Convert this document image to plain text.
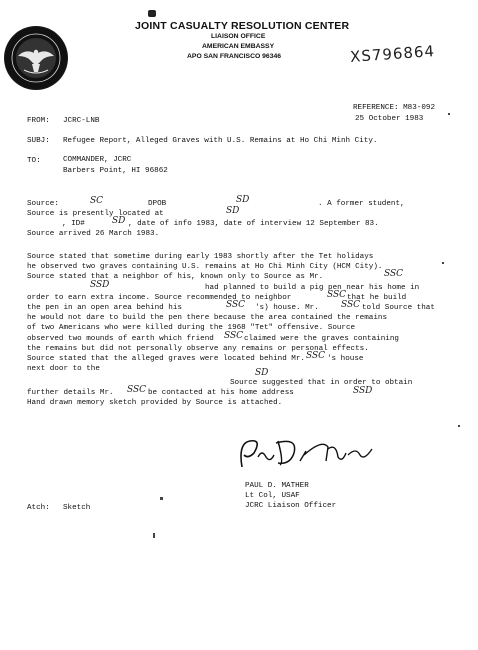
JOINT CASUALTY RESOLUTION CENTER
LIAISON OFFICE
AMERICAN EMBASSY
APO SAN FRANCISCO 96346	XS796864
REFERENCE: M83-092
25 October 1983
FROM: JCRC-LNB
SUBJ: Refugee Report, Alleged Graves with U.S. Remains at Ho Chi Minh City.
TO:	COMMANDER, JCRC
Barbers Point, HI 96862
Source:	SC	DPOB	SD	. A former student,
Source is presently located at	SD
, ID#	SD , date of info 1983, date of interview 12 September 83.
Source arrived 26 March 1983.
Source stated that sometime during early 1983 shortly after the Tet holidays
he observed two graves containing U.S. remains at Ho Chi Minh City (HCM City).
Source stated that a neighbor of his, known only to Source as Mr.	SSC
SSD	had planned to build a pig pen near his home in
order to earn extra income. Source recommended to neighbor	SSC that he build
the pen in an open area behind his	SSC 's) house. Mr. SSC told Source that
he would not dare to build the pen there because the area contained the remains
of two Americans who were killed during the 1968 "Tet" offensive. Source
observed two mounds of earth which friend SSC claimed were the graves containing
the remains but did not personally observe any remains or personal effects.
Source stated that the alleged graves were located behind Mr. SSC 's house
next door to the	SD
Source suggested that in order to obtain
further details Mr. SSC be contacted at his home address	SSD
Hand drawn memory sketch provided by Source is attached.
PAUL D. MATHER
Lt Col, USAF
JCRC Liaison Officer
Atch: Sketch
